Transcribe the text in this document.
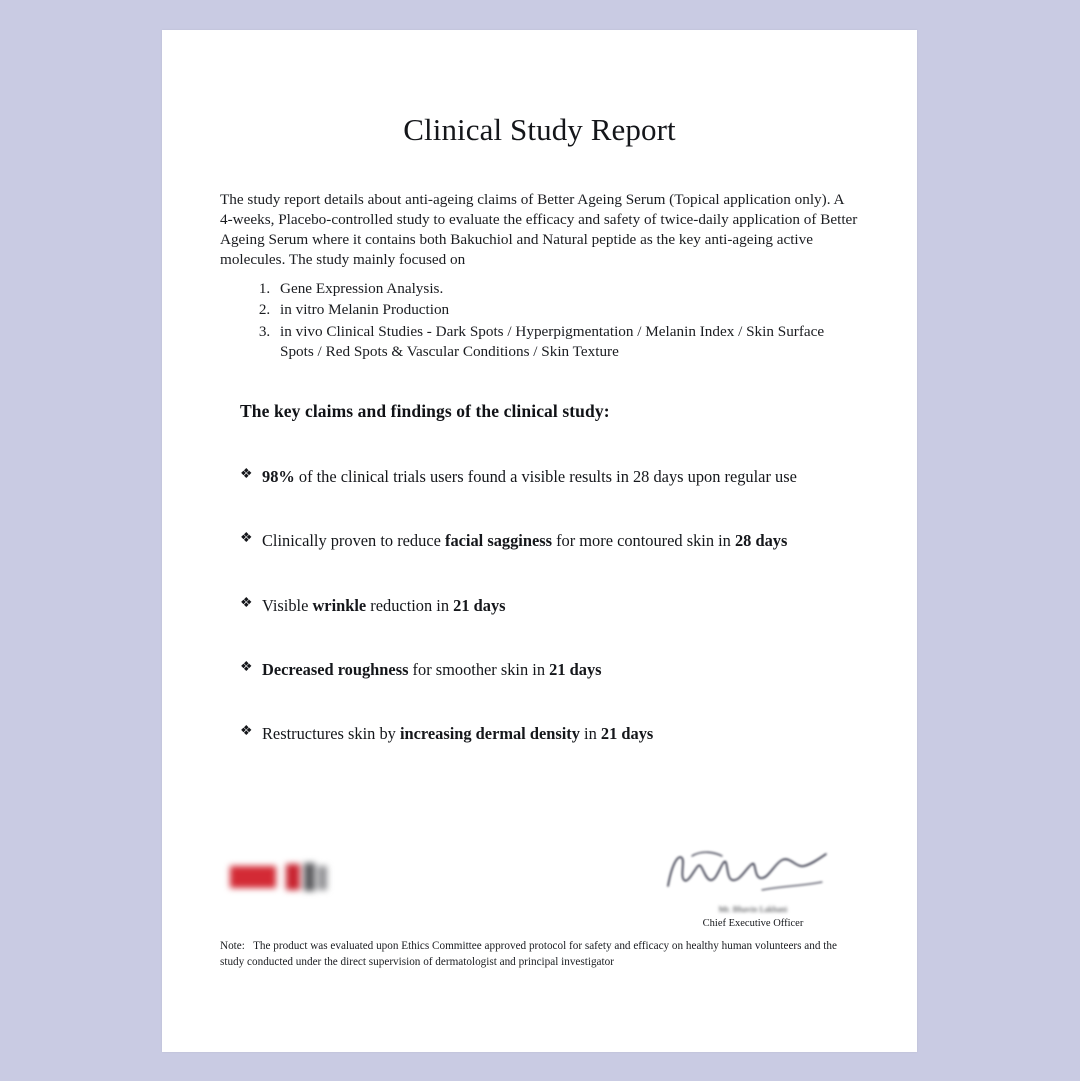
Clinical Study Report

The study report details about anti-ageing claims of Better Ageing Serum (Topical application only). A 4-weeks, Placebo-controlled study to evaluate the efficacy and safety of twice-daily application of Better Ageing Serum where it contains both Bakuchiol and Natural peptide as the key anti-ageing active molecules. The study mainly focused on

1. Gene Expression Analysis.
2. in vitro Melanin Production
3. in vivo Clinical Studies - Dark Spots / Hyperpigmentation / Melanin Index / Skin Surface Spots / Red Spots & Vascular Conditions / Skin Texture
The key claims and findings of the clinical study:
❖ 98% of the clinical trials users found a visible results in 28 days upon regular use
❖ Clinically proven to reduce facial sagginess for more contoured skin in 28 days
❖ Visible wrinkle reduction in 21 days
❖ Decreased roughness for smoother skin in 21 days
❖ Restructures skin by increasing dermal density in 21 days
Mr. Bhavin Lakhani
Chief Executive Officer
Note: The product was evaluated upon Ethics Committee approved protocol for safety and efficacy on healthy human volunteers and the study conducted under the direct supervision of dermatologist and principal investigator
